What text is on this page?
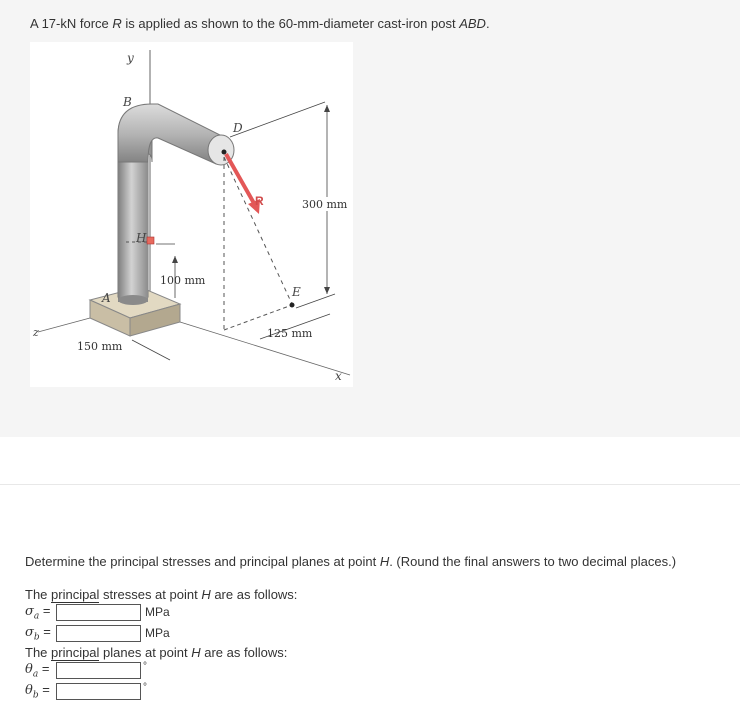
A 17-kN force R is applied as shown to the 60-mm-diameter cast-iron post ABD.
y
A
B
D
R
E
300 mm
H
100 mm
x
125 mm
z
150 mm
Determine the principal stresses and principal planes at point H. (Round the final answers to two decimal places.)
The principal stresses at point H are as follows:
$\sigma_a$ =	MPa
$\sigma_b$ =	MPa
The principal planes at point H are as follows:
$\theta_a$ =	°
$\theta_b$ =	°
